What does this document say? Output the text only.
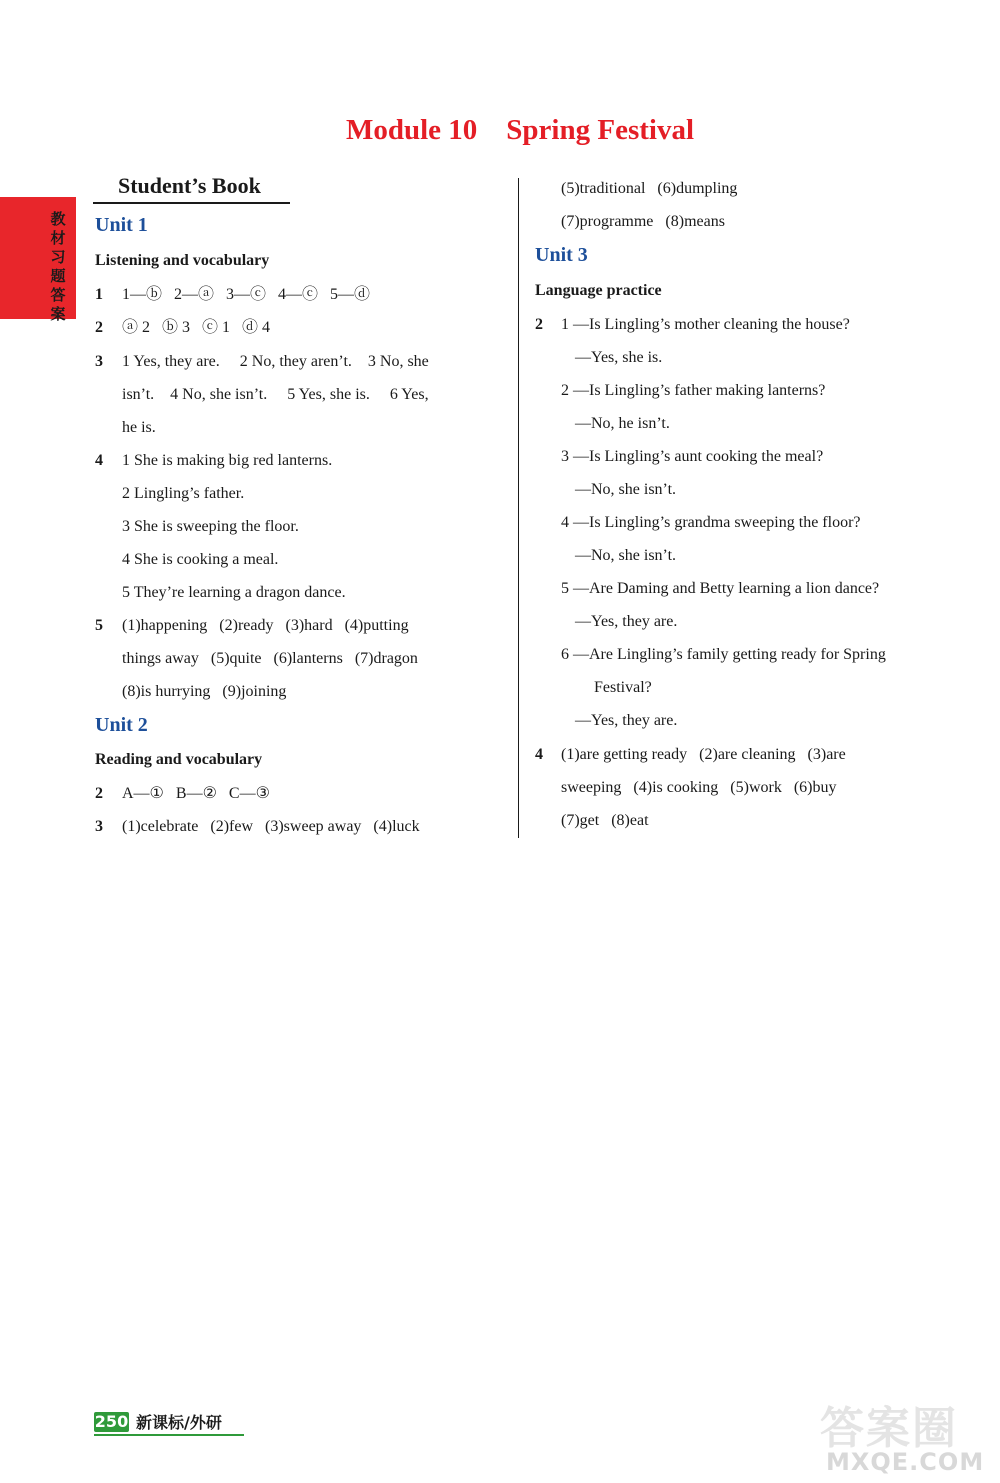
教材习题答案
Module 10    Spring Festival
Student’s Book
Unit 1
Listening and vocabulary
1 1—ⓑ   2—ⓐ   3—ⓒ   4—ⓒ   5—ⓓ
2 ⓐ 2   ⓑ 3   ⓒ 1   ⓓ 4
3 1 Yes, they are.     2 No, they aren’t.    3 No, she
isn’t.    4 No, she isn’t.     5 Yes, she is.     6 Yes,
he is.
4 1 She is making big red lanterns.
2 Lingling’s father.
3 She is sweeping the floor.
4 She is cooking a meal.
5 They’re learning a dragon dance.
5 (1)happening   (2)ready   (3)hard   (4)putting
things away   (5)quite   (6)lanterns   (7)dragon
(8)is hurrying   (9)joining
Unit 2
Reading and vocabulary
2 A—①   B—②   C—③
3 (1)celebrate   (2)few   (3)sweep away   (4)luck
(5)traditional   (6)dumpling
(7)programme   (8)means
Unit 3
Language practice
2 1 —Is Lingling’s mother cleaning the house?
—Yes, she is.
2 —Is Lingling’s father making lanterns?
—No, he isn’t.
3 —Is Lingling’s aunt cooking the meal?
—No, she isn’t.
4 —Is Lingling’s grandma sweeping the floor?
—No, she isn’t.
5 —Are Daming and Betty learning a lion dance?
—Yes, they are.
6 —Are Lingling’s family getting ready for Spring
Festival?
—Yes, they are.
4 (1)are getting ready   (2)are cleaning   (3)are
sweeping   (4)is cooking   (5)work   (6)buy
(7)get   (8)eat
250 新课标/外研	答案圈
MXQE.COM
